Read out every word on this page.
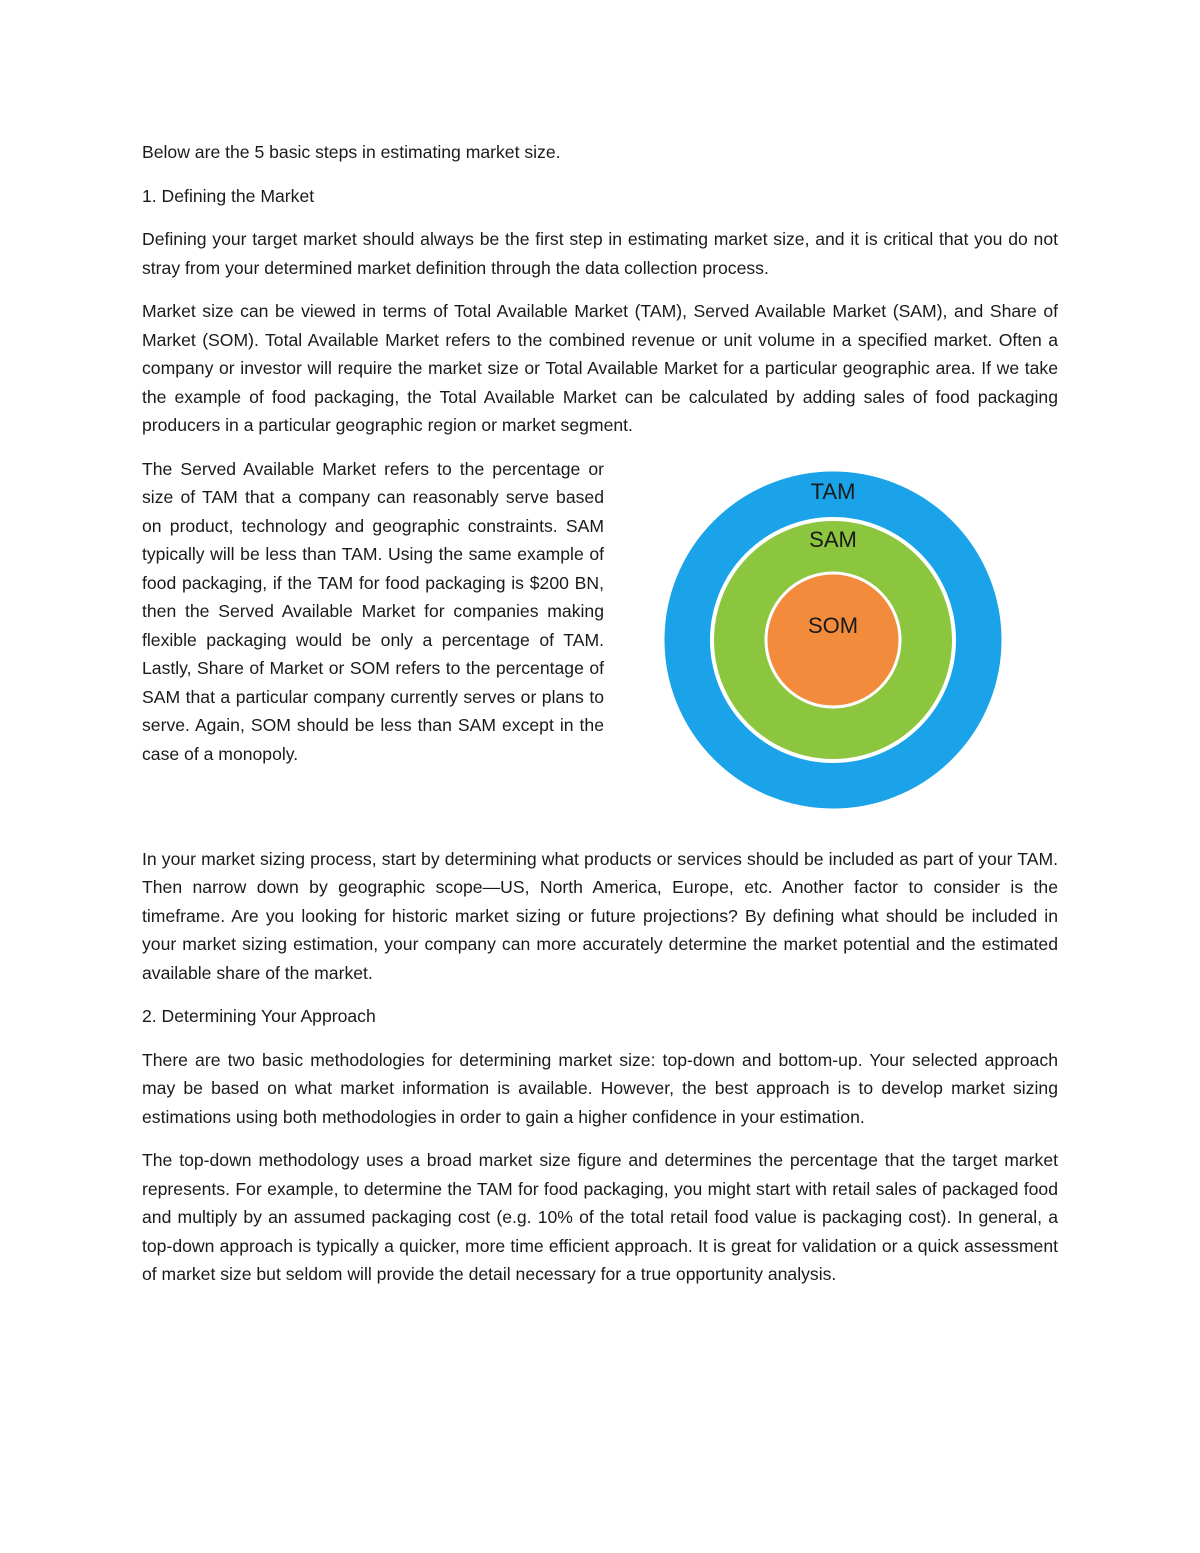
Below are the 5 basic steps in estimating market size.

1. Defining the Market

Defining your target market should always be the first step in estimating market size, and it is critical that you do not stray from your determined market definition through the data collection process.

Market size can be viewed in terms of Total Available Market (TAM), Served Available Market (SAM), and Share of Market (SOM). Total Available Market refers to the combined revenue or unit volume in a specified market. Often a company or investor will require the market size or Total Available Market for a particular geographic area. If we take the example of food packaging, the Total Available Market can be calculated by adding sales of food packaging producers in a particular geographic region or market segment.

The Served Available Market refers to the percentage or size of TAM that a company can reasonably serve based on product, technology and geographic constraints. SAM typically will be less than TAM. Using the same example of food packaging, if the TAM for food packaging is $200 BN, then the Served Available Market for companies making flexible packaging would be only a percentage of TAM. Lastly, Share of Market or SOM refers to the percentage of SAM that a particular company currently serves or plans to serve. Again, SOM should be less than SAM except in the case of a monopoly.

TAM
SAM
SOM

In your market sizing process, start by determining what products or services should be included as part of your TAM. Then narrow down by geographic scope—US, North America, Europe, etc. Another factor to consider is the timeframe. Are you looking for historic market sizing or future projections? By defining what should be included in your market sizing estimation, your company can more accurately determine the market potential and the estimated available share of the market.

2. Determining Your Approach

There are two basic methodologies for determining market size: top-down and bottom-up. Your selected approach may be based on what market information is available. However, the best approach is to develop market sizing estimations using both methodologies in order to gain a higher confidence in your estimation.

The top-down methodology uses a broad market size figure and determines the percentage that the target market represents. For example, to determine the TAM for food packaging, you might start with retail sales of packaged food and multiply by an assumed packaging cost (e.g. 10% of the total retail food value is packaging cost). In general, a top-down approach is typically a quicker, more time efficient approach. It is great for validation or a quick assessment of market size but seldom will provide the detail necessary for a true opportunity analysis.
